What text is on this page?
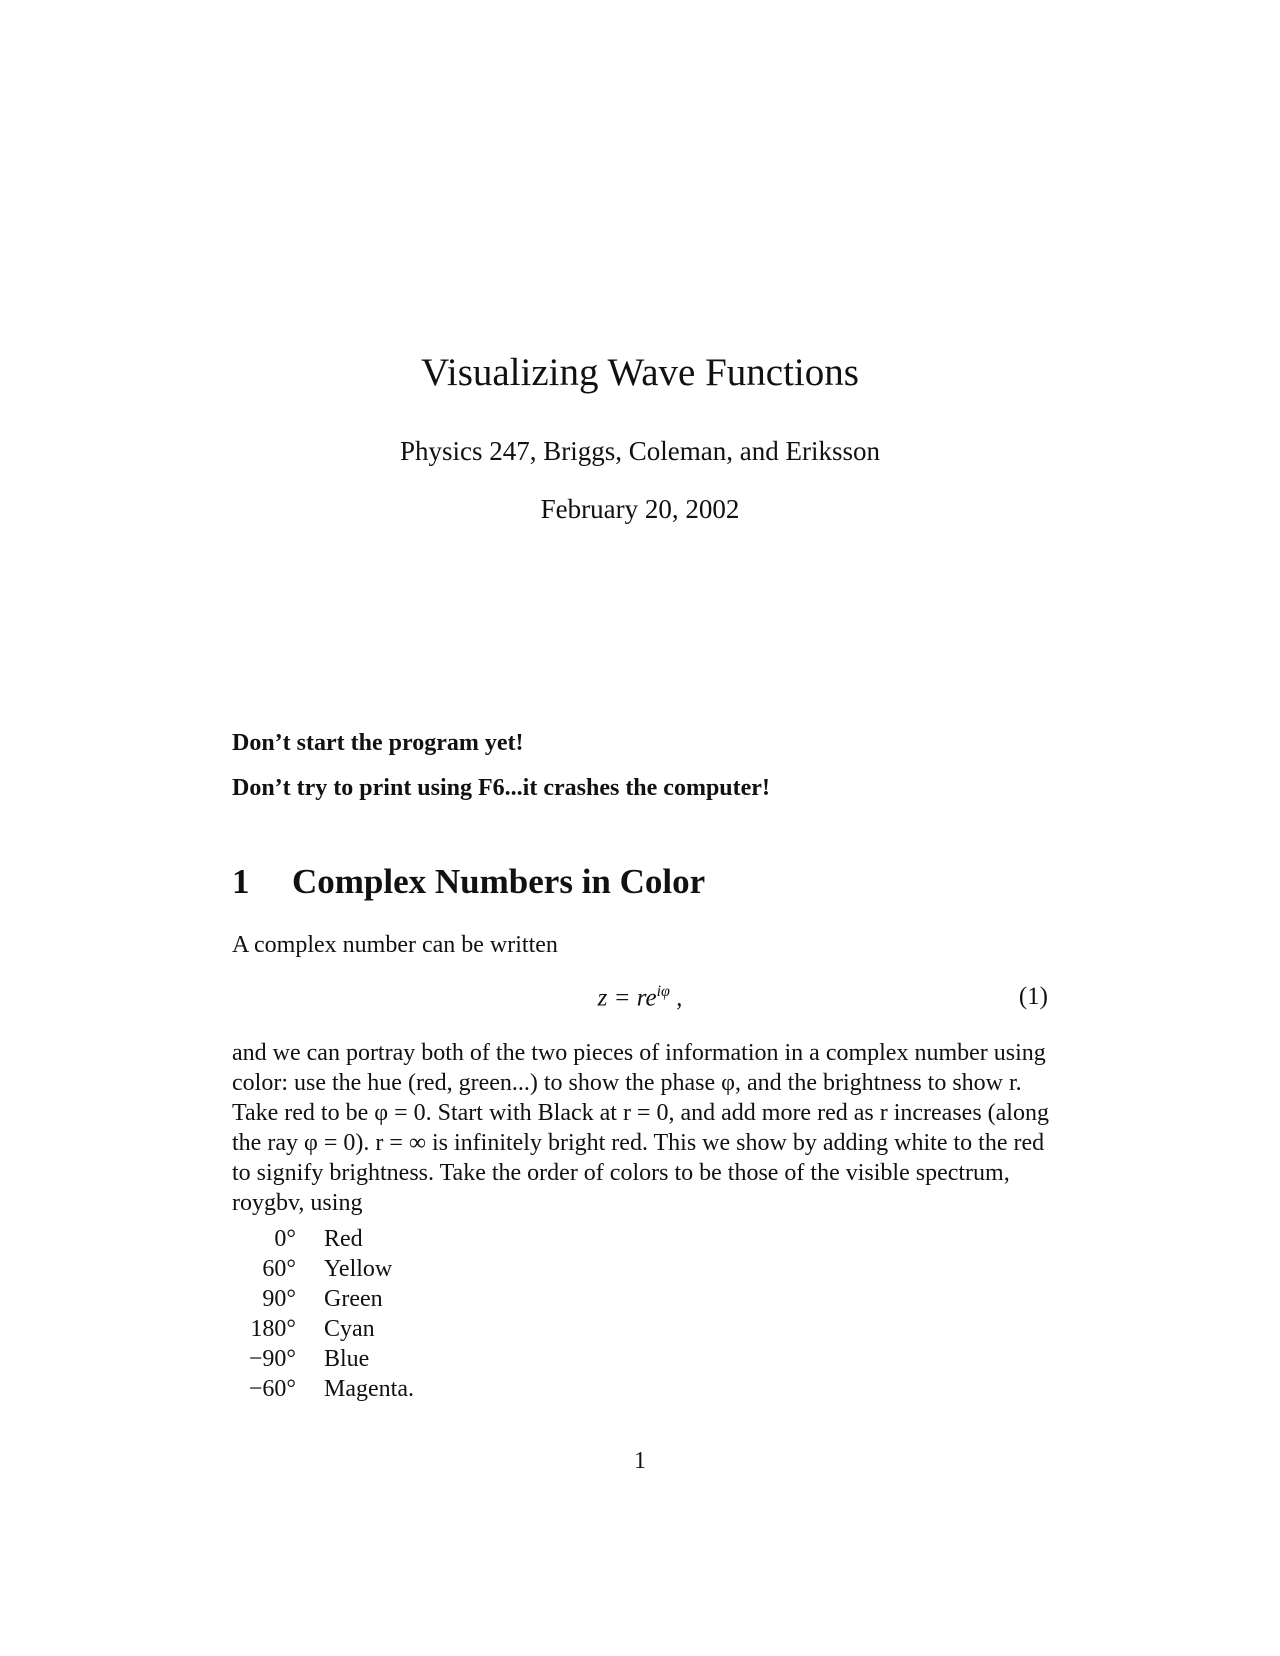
Visualizing Wave Functions
Physics 247, Briggs, Coleman, and Eriksson
February 20, 2002
Don’t start the program yet!
Don’t try to print using F6...it crashes the computer!
1 Complex Numbers in Color
A complex number can be written
$z = re^{i\varphi}$ ,	(1)
and we can portray both of the two pieces of information in a complex number using color: use the hue (red, green...) to show the phase φ, and the brightness to show r. Take red to be φ = 0. Start with Black at r = 0, and add more red as r increases (along the ray φ = 0). r = ∞ is infinitely bright red. This we show by adding white to the red to signify brightness. Take the order of colors to be those of the visible spectrum, roygbv, using
0°	Red
60°	Yellow
90°	Green
180°	Cyan
−90°	Blue
−60°	Magenta.
1
